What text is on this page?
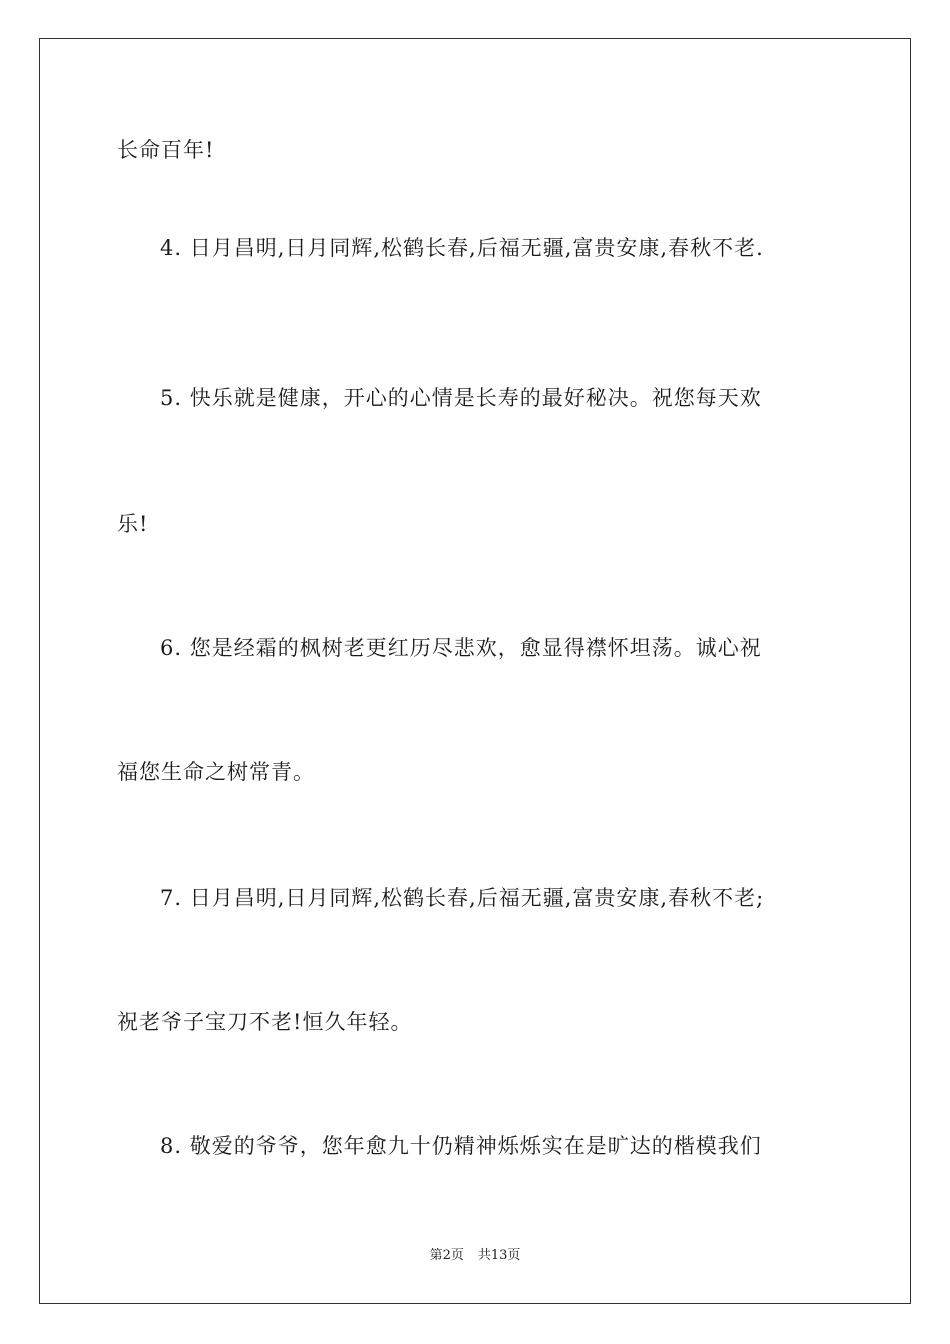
长命百年!
4. 日月昌明,日月同辉,松鹤长春,后福无疆,富贵安康,春秋不老.
5. 快乐就是健康，开心的心情是长寿的最好秘决。祝您每天欢
乐!
6. 您是经霜的枫树老更红历尽悲欢，愈显得襟怀坦荡。诚心祝
福您生命之树常青。
7. 日月昌明,日月同辉,松鹤长春,后福无疆,富贵安康,春秋不老;
祝老爷子宝刀不老!恒久年轻。
8. 敬爱的爷爷，您年愈九十仍精神烁烁实在是旷达的楷模我们
第2页 共13页
